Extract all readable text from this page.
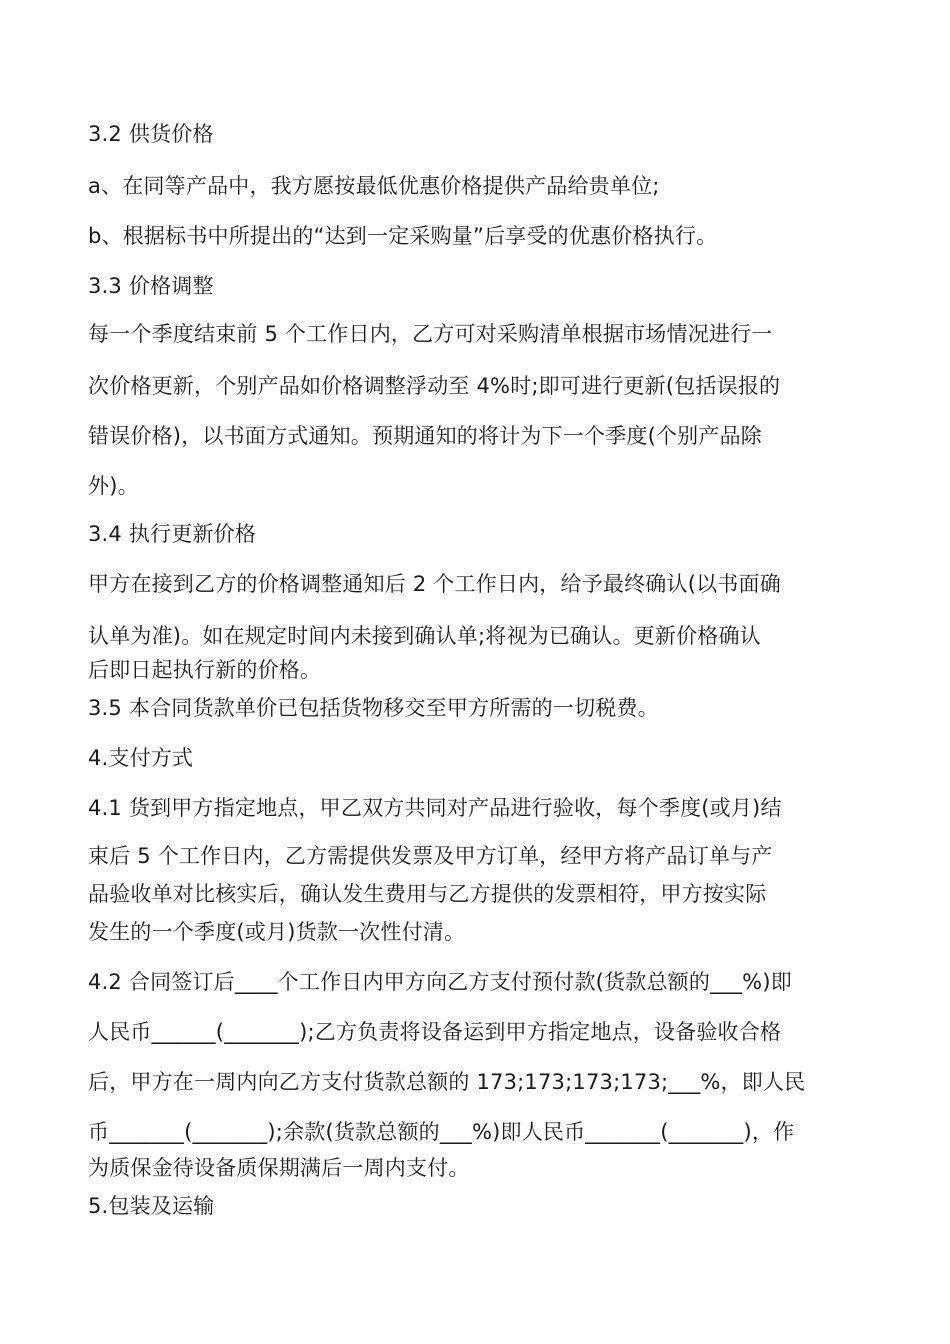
3.2 供货价格
a、在同等产品中，我方愿按最低优惠价格提供产品给贵单位;
b、根据标书中所提出的“达到一定采购量”后享受的优惠价格执行。
3.3 价格调整
每一个季度结束前 5 个工作日内，乙方可对采购清单根据市场情况进行一
次价格更新，个别产品如价格调整浮动至 4%时;即可进行更新(包括误报的
错误价格)，以书面方式通知。预期通知的将计为下一个季度(个别产品除
外)。
3.4 执行更新价格
甲方在接到乙方的价格调整通知后 2 个工作日内，给予最终确认(以书面确
认单为准)。如在规定时间内未接到确认单;将视为已确认。更新价格确认
后即日起执行新的价格。
3.5 本合同货款单价已包括货物移交至甲方所需的一切税费。
4.支付方式
4.1 货到甲方指定地点，甲乙双方共同对产品进行验收，每个季度(或月)结
束后 5 个工作日内，乙方需提供发票及甲方订单，经甲方将产品订单与产
品验收单对比核实后，确认发生费用与乙方提供的发票相符，甲方按实际
发生的一个季度(或月)货款一次性付清。
4.2 合同签订后____个工作日内甲方向乙方支付预付款(货款总额的___%)即
人民币______(_______);乙方负责将设备运到甲方指定地点，设备验收合格
后，甲方在一周内向乙方支付货款总额的 173;173;173;173;___%，即人民
币_______(_______);余款(货款总额的___%)即人民币_______(_______)，作
为质保金待设备质保期满后一周内支付。
5.包装及运输
